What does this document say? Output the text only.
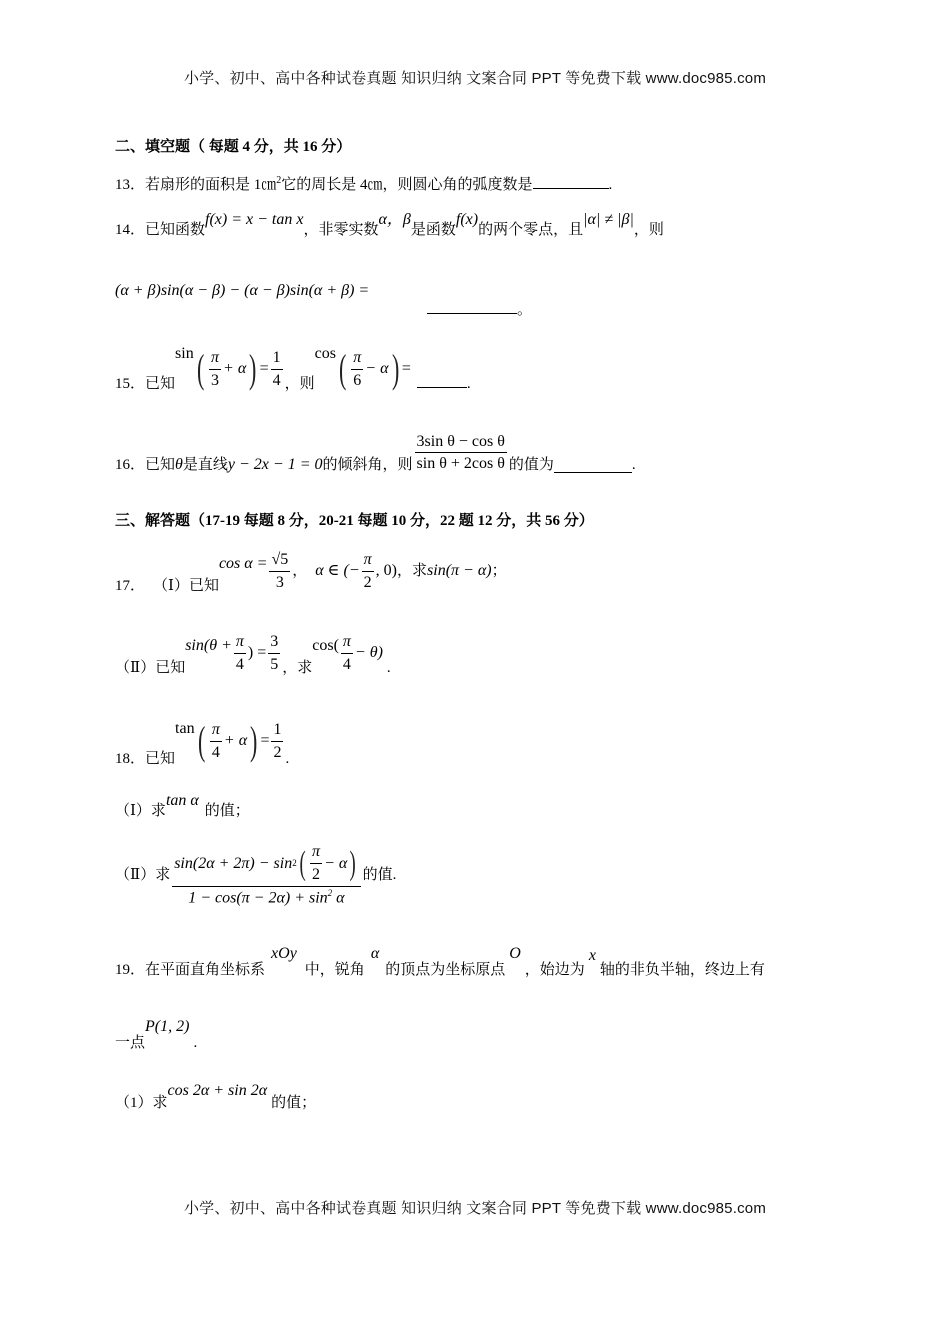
小学、初中、高中各种试卷真题 知识归纳 文案合同 PPT 等免费下载 www.doc985.com
二、填空题（ 每题 4 分，共 16 分）
13．若扇形的面积是 1㎝$^2$它的周长是 4㎝，则圆心角的弧度数是	.
14．已知函数f(x) = x − tan x，非零实数α，β是函数f(x)的两个零点，且|α| ≠ |β|，则
(α + β)sin(α − β) − (α − β)sin(α + β) =
。
15． 已知
sin ( $\frac{\pi}{3} + \alpha$ ) = $\frac{1}{4}$ ，则
cos ( $\frac{\pi}{6} - \alpha$ ) =
.
16． 已知 θ 是直线 y − 2x − 1 = 0 的倾斜角，则 $\frac{\text{3sin θ − cos θ}}{\text{sin θ + 2cos θ}}$ 的值为	.
三、解答题（17-19 每题 8 分，20-21 每题 10 分，22 题 12 分，共 56 分）
17． （Ⅰ）已知
$\cos \alpha = \frac{√5}{3}$ ， α ∈ (− $\frac{\pi}{2}$ , 0) ，求 sin(π − α) ；
（Ⅱ）已知
$\sin(\theta + \frac{\pi}{4}$ ) = $\frac{3}{5}$ ，求
$\cos( \frac{\pi}{4} - \theta)$
.
18． 已知
tan ( $\frac{\pi}{4} + \alpha$ ) = $\frac{1}{2}$ .
（Ⅰ）求tan α的值；
（Ⅱ）求 $\frac{\sin(2\alpha + 2\pi) - \sin 2 ( \frac{\pi}{2} - \alpha )}{1 - \cos(\pi - 2\alpha) + \sin^2 \alpha}$ 的值.
19．在平面直角坐标系xOy中，锐角α的顶点为坐标原点O，始边为x轴的非负半轴，终边上有
一点P(1, 2).
（1）求cos 2α + sin 2α的值；
小学、初中、高中各种试卷真题 知识归纳 文案合同 PPT 等免费下载 www.doc985.com
